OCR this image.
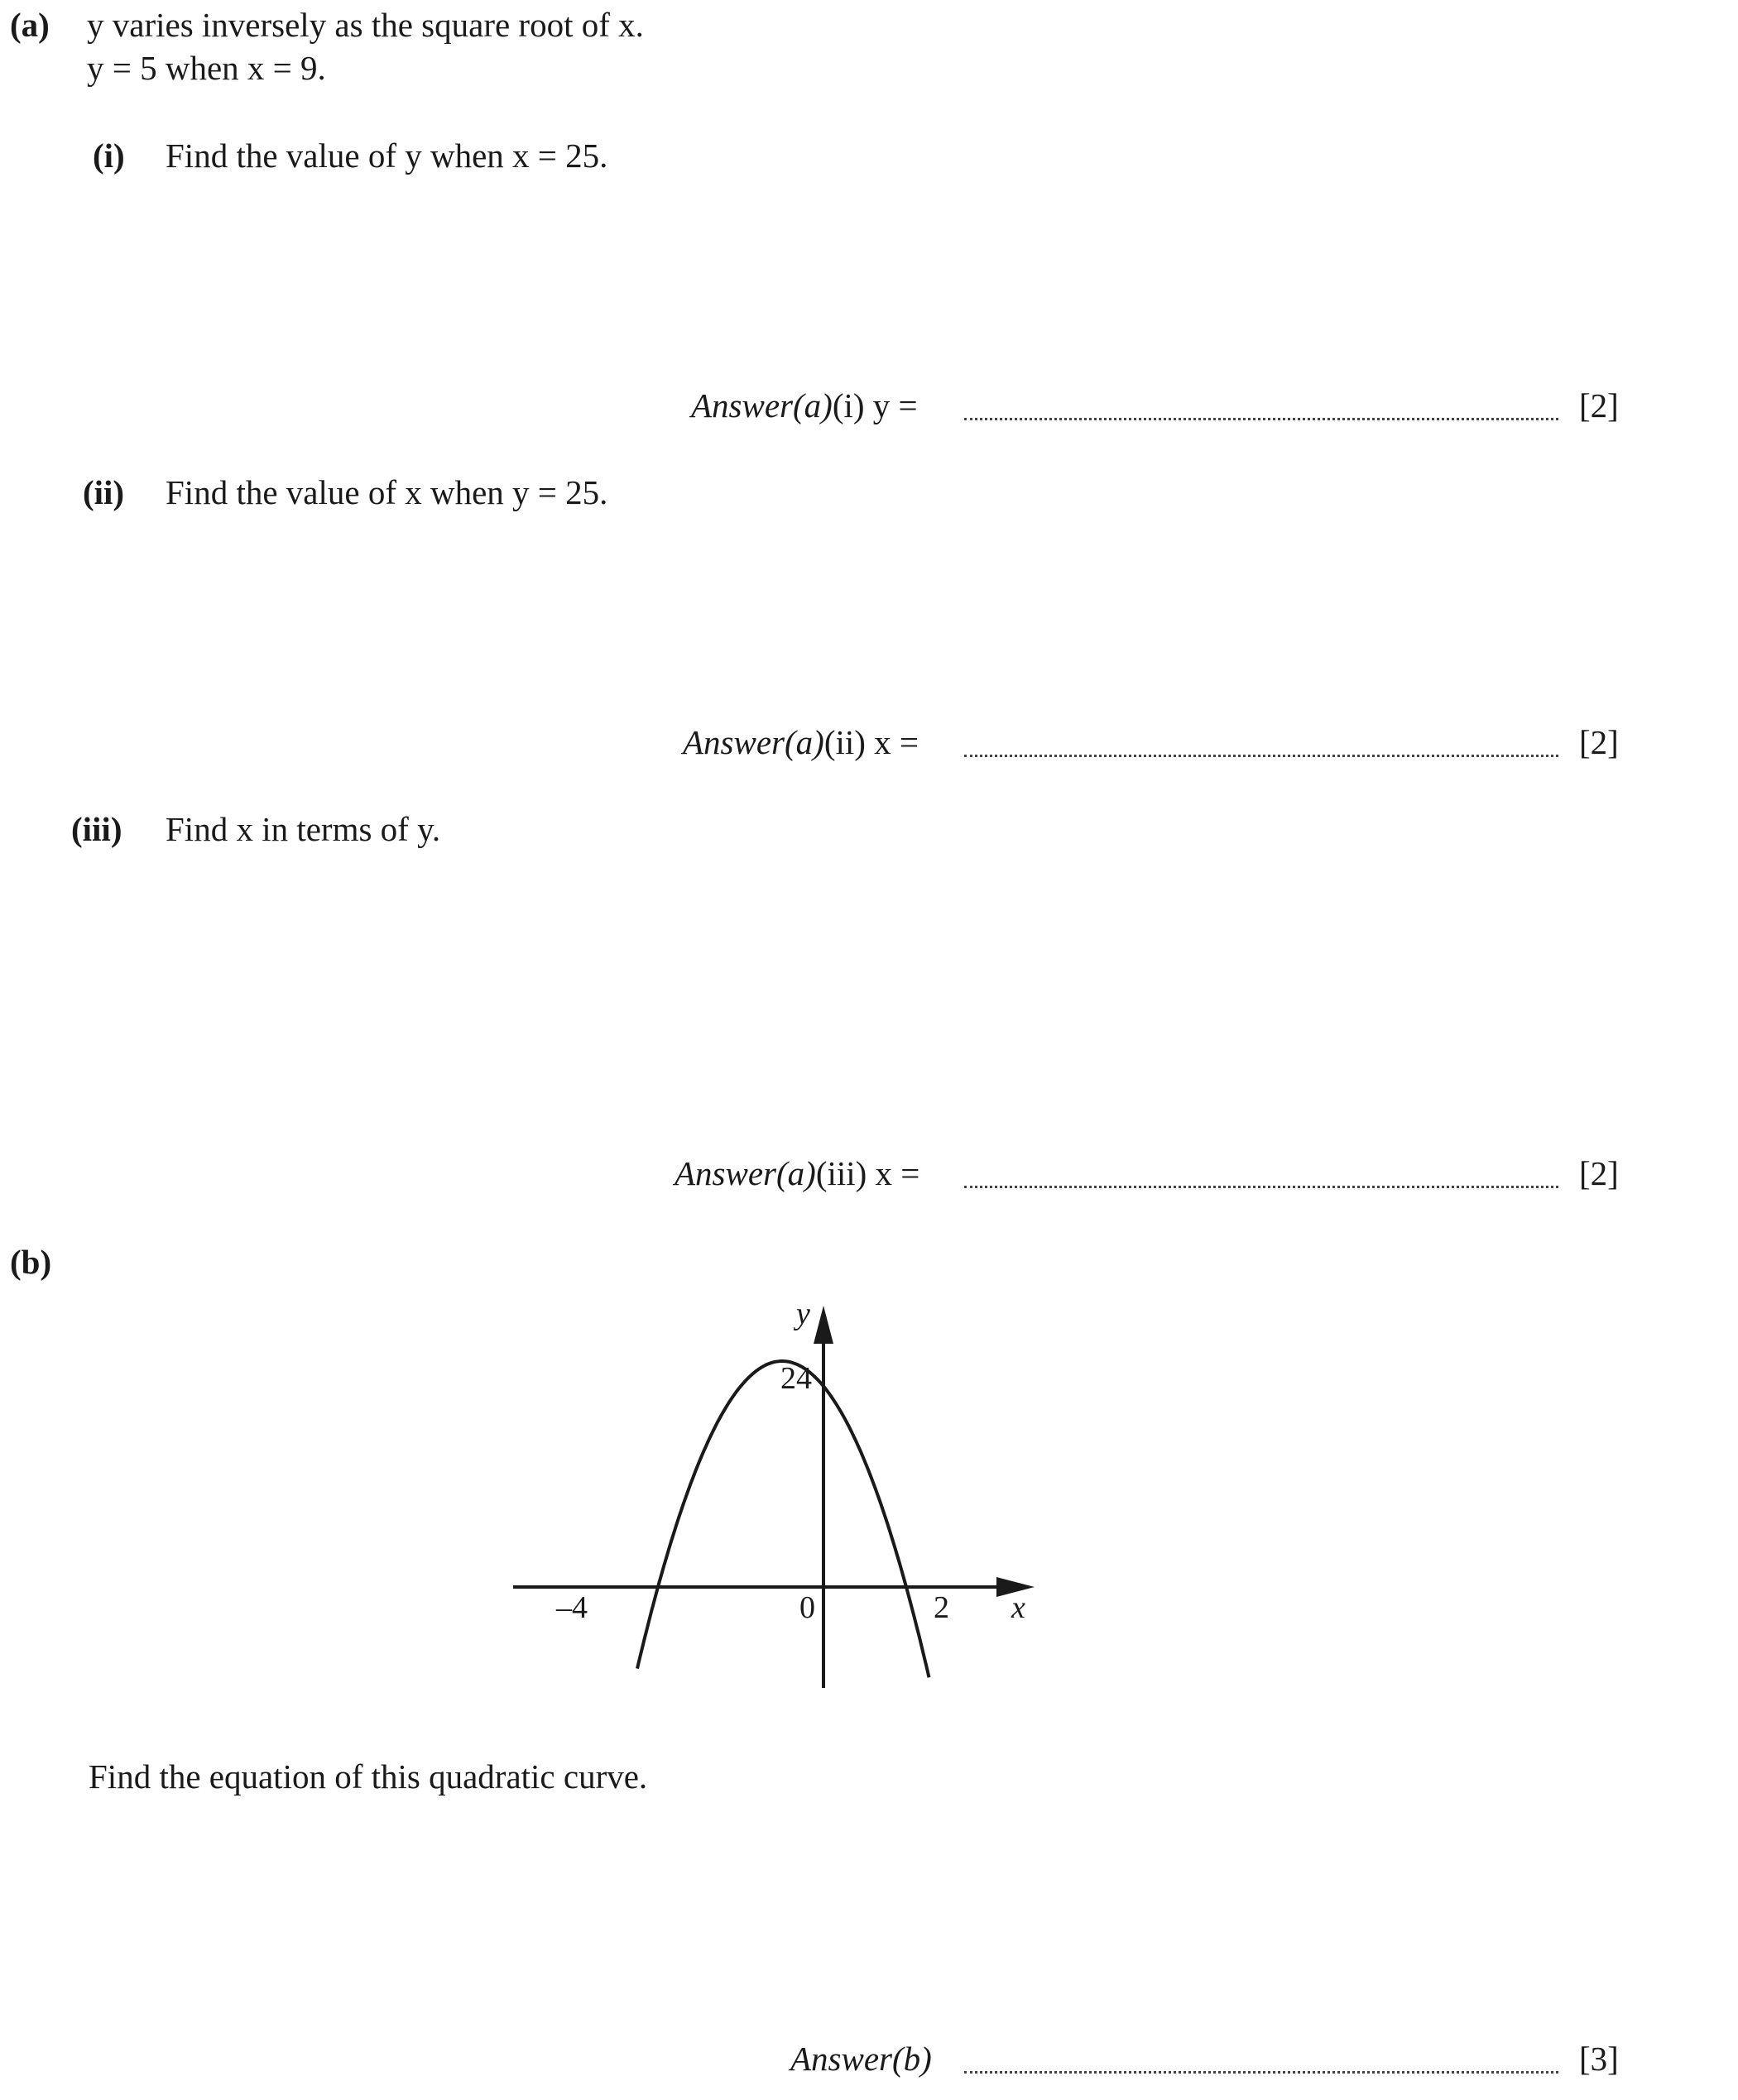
(a) y varies inversely as the square root of x.
y = 5 when x = 9.
(i) Find the value of y when x = 25.
Answer(a)(i) y =	[2]
(ii) Find the value of x when y = 25.
Answer(a)(ii) x =	[2]
(iii) Find x in terms of y.
Answer(a)(iii) x =	[2]
(b)
y
x
24
0
–4	2
Find the equation of this quadratic curve.
Answer(b)	[3]
